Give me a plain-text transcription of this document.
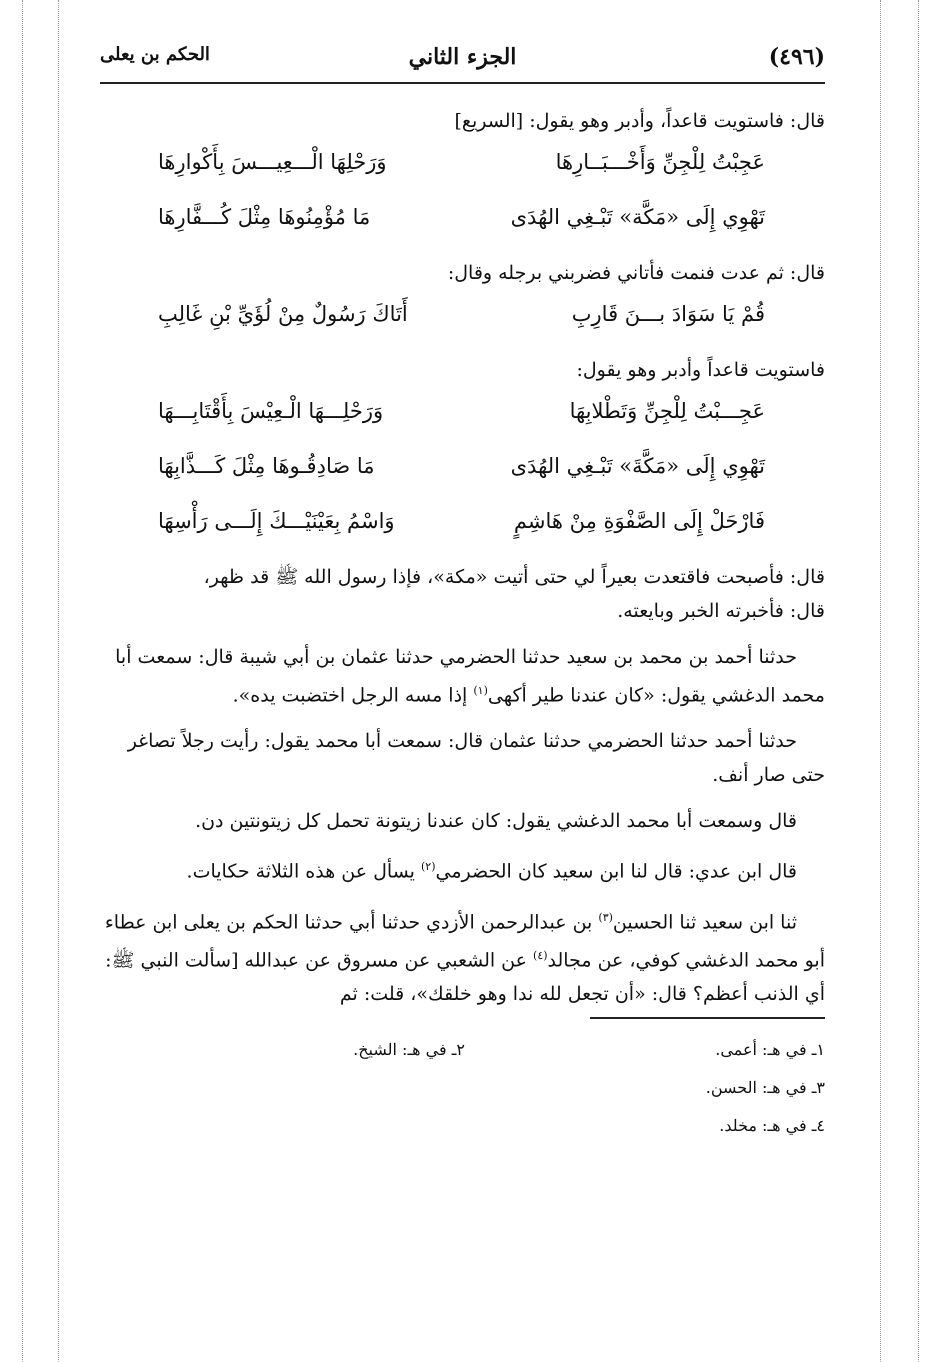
(٤٩٦)
الجزء الثاني
الحكم بن يعلى

قال: فاستويت قاعداً، وأدبر وهو يقول: [السريع]

عَجِبْتُ لِلْجِنِّ وَأَخْـــبَــارِهَا
وَرَحْلِهَا الْـــعِيـــسَ بِأَكْوارِهَا
تَهْوِي إِلَى «مَكَّة» تَبْـغِي الهُدَى
مَا مُؤْمِنُوهَا مِثْلَ كُـــفَّارِهَا

قال: ثم عدت فنمت فأتاني فضربني برجله وقال:

قُمْ يَا سَوَادَ بـــنَ قَارِبِ
أَتَاكَ رَسُولٌ مِنْ لُؤَيِّ بْنِ غَالِبِ

فاستويت قاعداً وأدبر وهو يقول:

عَجِـــبْتُ لِلْجِنِّ وَتَطْلابِهَا
وَرَحْلِـــهَا الْـعِيْسَ بِأَقْتَابِـــهَا
تَهْوِي إِلَى «مَكَّةَ» تَبْـغِي الهُدَى
مَا صَادِقُـوهَا مِثْلَ كَـــذَّابِهَا
فَارْحَلْ إِلَى الصَّفْوَةِ مِنْ هَاشِمٍ
وَاسْمُ بِعَيْنَيْـــكَ إِلَـــى رَأْسِهَا

قال: فأصبحت فاقتعدت بعيراً لي حتى أتيت «مكة»، فإذا رسول الله ﷺ قد ظهر،

قال: فأخبرته الخبر وبايعته.

حدثنا أحمد بن محمد بن سعيد حدثنا الحضرمي حدثنا عثمان بن أبي شيبة قال: سمعت أبا محمد الدغشي يقول: «كان عندنا طير أكهى$^{(١)}$ إذا مسه الرجل اختضبت يده».

حدثنا أحمد حدثنا الحضرمي حدثنا عثمان قال: سمعت أبا محمد يقول: رأيت رجلاً تصاغر حتى صار أنف.

قال وسمعت أبا محمد الدغشي يقول: كان عندنا زيتونة تحمل كل زيتونتين دن.

قال ابن عدي: قال لنا ابن سعيد كان الحضرمي$^{(٢)}$ يسأل عن هذه الثلاثة حكايات.

ثنا ابن سعيد ثنا الحسين$^{(٣)}$ بن عبدالرحمن الأزدي حدثنا أبي حدثنا الحكم بن يعلى ابن عطاء أبو محمد الدغشي كوفي، عن مجالد$^{(٤)}$ عن الشعبي عن مسروق عن عبدالله [سألت النبي ﷺ: أي الذنب أعظم؟ قال: «أن تجعل لله ندا وهو خلقك»، قلت: ثم

١ـ في هـ: أعمى.
٢ـ في هـ: الشيخ.
٣ـ في هـ: الحسن.
٤ـ في هـ: مخلد.
